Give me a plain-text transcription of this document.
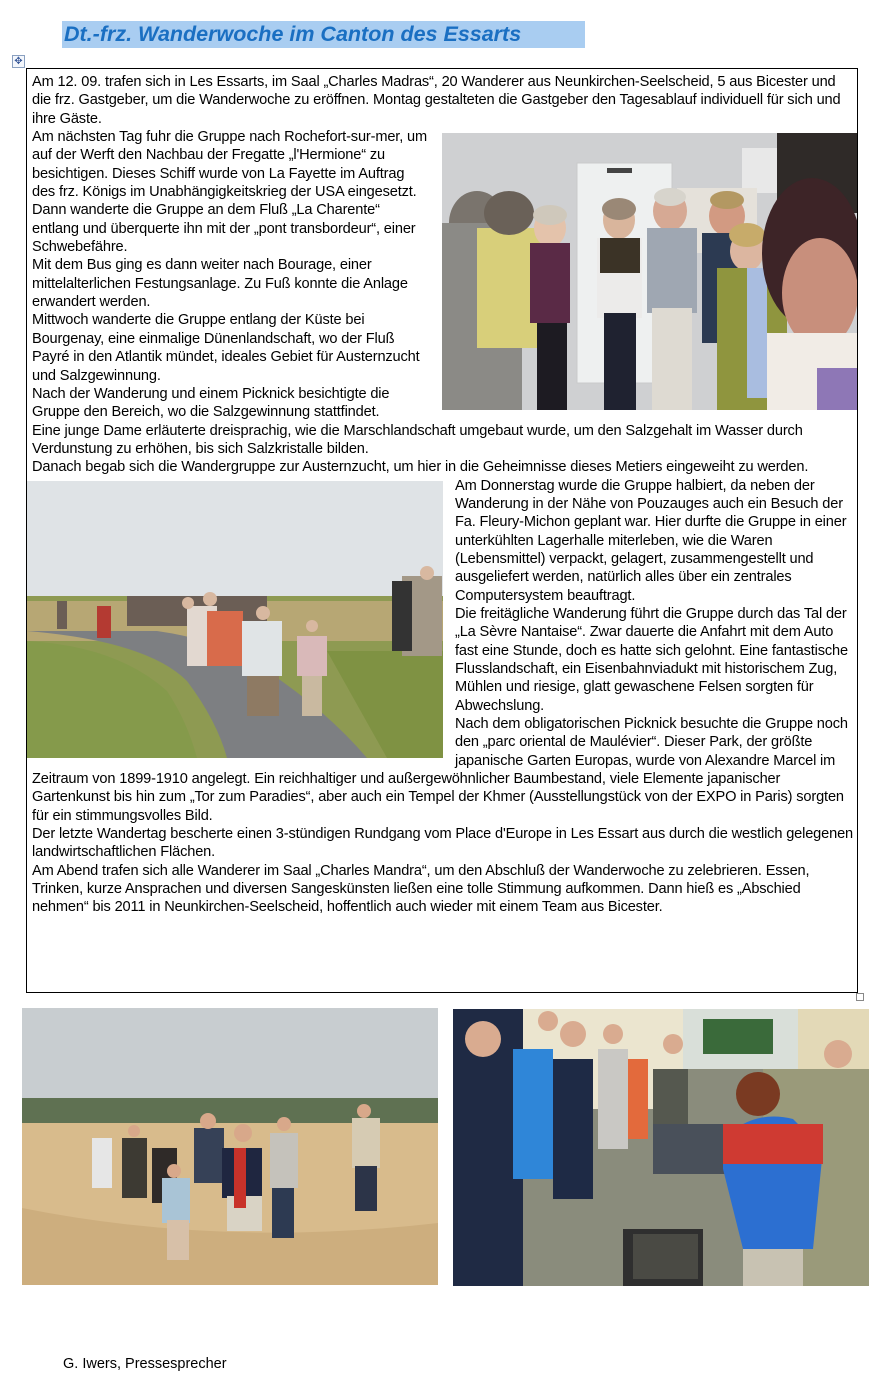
Dt.-frz. Wanderwoche im Canton des Essarts
✥

Am 12. 09. trafen sich in Les Essarts, im Saal „Charles Madras“, 20 Wanderer aus Neunkirchen-Seelscheid, 5 aus Bicester und die frz. Gastgeber, um die Wanderwoche zu eröffnen. Montag gestalteten die Gastgeber den Tagesablauf individuell für sich und ihre Gäste.

Am nächsten Tag fuhr die Gruppe nach Rochefort-sur-mer, um auf der Werft den Nachbau der Fregatte „l'Hermione“ zu besichtigen. Dieses Schiff wurde von La Fayette im Auftrag des frz. Königs im Unabhängigkeitskrieg der USA eingesetzt.

Dann wanderte die Gruppe an dem Fluß „La Charente“ entlang und überquerte ihn mit der „pont transbordeur“, einer Schwebefähre.

Mit dem Bus ging es dann weiter nach Bourage, einer mittelalterlichen Festungsanlage. Zu Fuß konnte die Anlage erwandert werden.

Mittwoch wanderte die Gruppe entlang der Küste bei Bourgenay, eine einmalige Dünenlandschaft, wo der Fluß Payré in den Atlantik mündet, ideales Gebiet für Austernzucht und Salzgewinnung.

Nach der Wanderung und einem Picknick besichtigte die Gruppe den Bereich, wo die Salzgewinnung stattfindet.

Eine junge Dame erläuterte dreisprachig, wie die Marschlandschaft umgebaut wurde, um den Salzgehalt im Wasser durch Verdunstung zu erhöhen, bis sich Salzkristalle bilden.

Danach begab sich die Wandergruppe zur Austernzucht, um hier in die Geheimnisse dieses Metiers eingeweiht zu werden.

Am Donnerstag wurde die Gruppe halbiert, da neben der Wanderung in der Nähe von Pouzauges auch ein Besuch der Fa. Fleury-Michon geplant war. Hier durfte die Gruppe in einer unterkühlten Lagerhalle miterleben, wie die Waren (Lebensmittel) verpackt, gelagert, zusammengestellt und ausgeliefert werden, natürlich alles über ein zentrales Computersystem beauftragt.

Die freitägliche Wanderung führt die Gruppe durch das Tal der „La Sèvre Nantaise“. Zwar dauerte die Anfahrt mit dem Auto fast eine Stunde, doch es hatte sich gelohnt. Eine fantastische Flusslandschaft, ein Eisenbahnviadukt mit historischem Zug, Mühlen und riesige, glatt gewaschene Felsen sorgten für Abwechslung.

Nach dem obligatorischen Picknick besuchte die Gruppe noch den „parc oriental de Maulévier“. Dieser Park, der größte japanische Garten Europas, wurde von Alexandre Marcel im Zeitraum von 1899-1910 angelegt. Ein reichhaltiger und außergewöhnlicher Baumbestand, viele Elemente japanischer Gartenkunst bis hin zum „Tor zum Paradies“, aber auch ein Tempel der Khmer (Ausstellungstück von der EXPO in Paris) sorgten für ein stimmungsvolles Bild.

Der letzte Wandertag bescherte einen 3-stündigen Rundgang vom Place d'Europe in Les Essart aus durch die westlich gelegenen landwirtschaftlichen Flächen.

Am Abend trafen sich alle Wanderer im Saal „Charles Mandra“, um den Abschluß der Wanderwoche zu zelebrieren. Essen, Trinken, kurze Ansprachen und diversen Sangeskünsten ließen eine tolle Stimmung aufkommen. Dann hieß es „Abschied nehmen“ bis 2011 in Neunkirchen-Seelscheid, hoffentlich auch wieder mit einem Team aus Bicester.

G. Iwers, Pressesprecher
